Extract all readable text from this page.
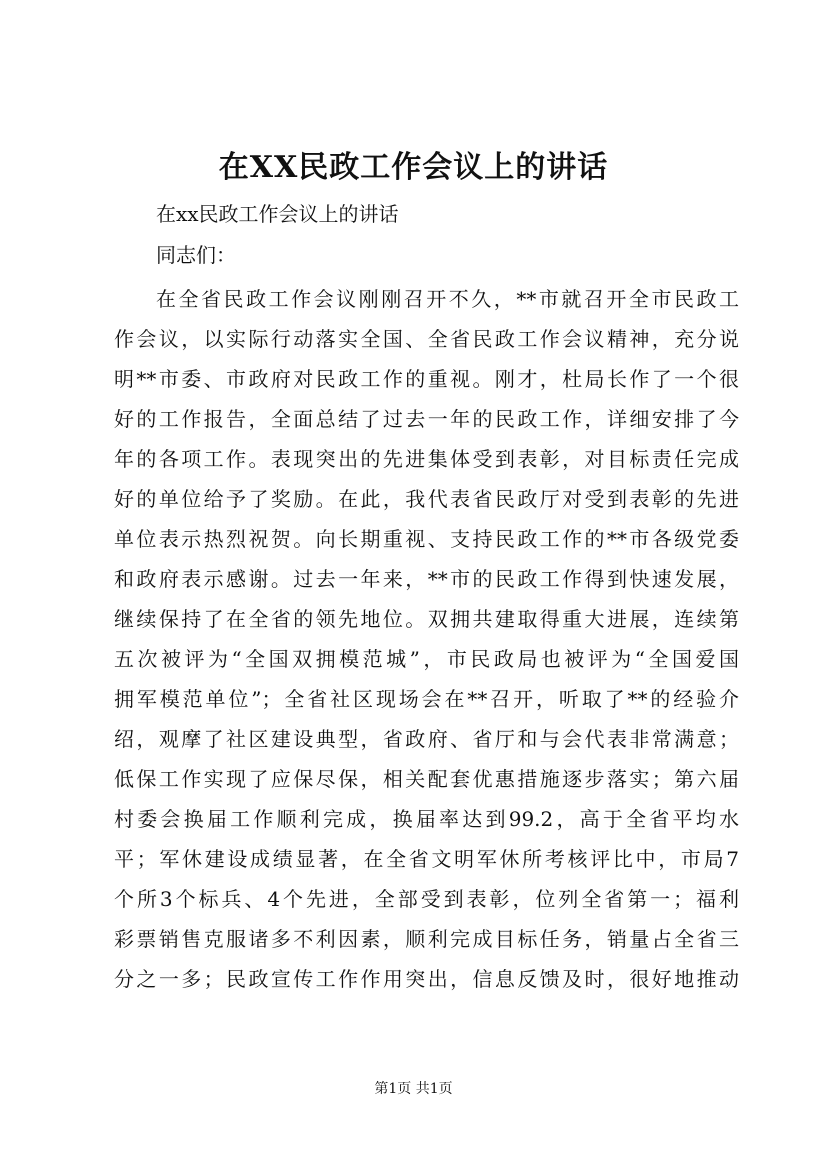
在XX民政工作会议上的讲话
在xx民政工作会议上的讲话
同志们：
在全省民政工作会议刚刚召开不久，**市就召开全市民政工
作会议，以实际行动落实全国、全省民政工作会议精神，充分说
明**市委、市政府对民政工作的重视。刚才，杜局长作了一个很
好的工作报告，全面总结了过去一年的民政工作，详细安排了今
年的各项工作。表现突出的先进集体受到表彰，对目标责任完成
好的单位给予了奖励。在此，我代表省民政厅对受到表彰的先进
单位表示热烈祝贺。向长期重视、支持民政工作的**市各级党委
和政府表示感谢。过去一年来，**市的民政工作得到快速发展，
继续保持了在全省的领先地位。双拥共建取得重大进展，连续第
五次被评为“全国双拥模范城”，市民政局也被评为“全国爱国
拥军模范单位”；全省社区现场会在**召开，听取了**的经验介
绍，观摩了社区建设典型，省政府、省厅和与会代表非常满意；
低保工作实现了应保尽保，相关配套优惠措施逐步落实；第六届
村委会换届工作顺利完成，换届率达到99.2，高于全省平均水
平；军休建设成绩显著，在全省文明军休所考核评比中，市局7
个所3个标兵、4个先进，全部受到表彰，位列全省第一；福利
彩票销售克服诸多不利因素，顺利完成目标任务，销量占全省三
分之一多；民政宣传工作作用突出，信息反馈及时，很好地推动
第1页 共1页
